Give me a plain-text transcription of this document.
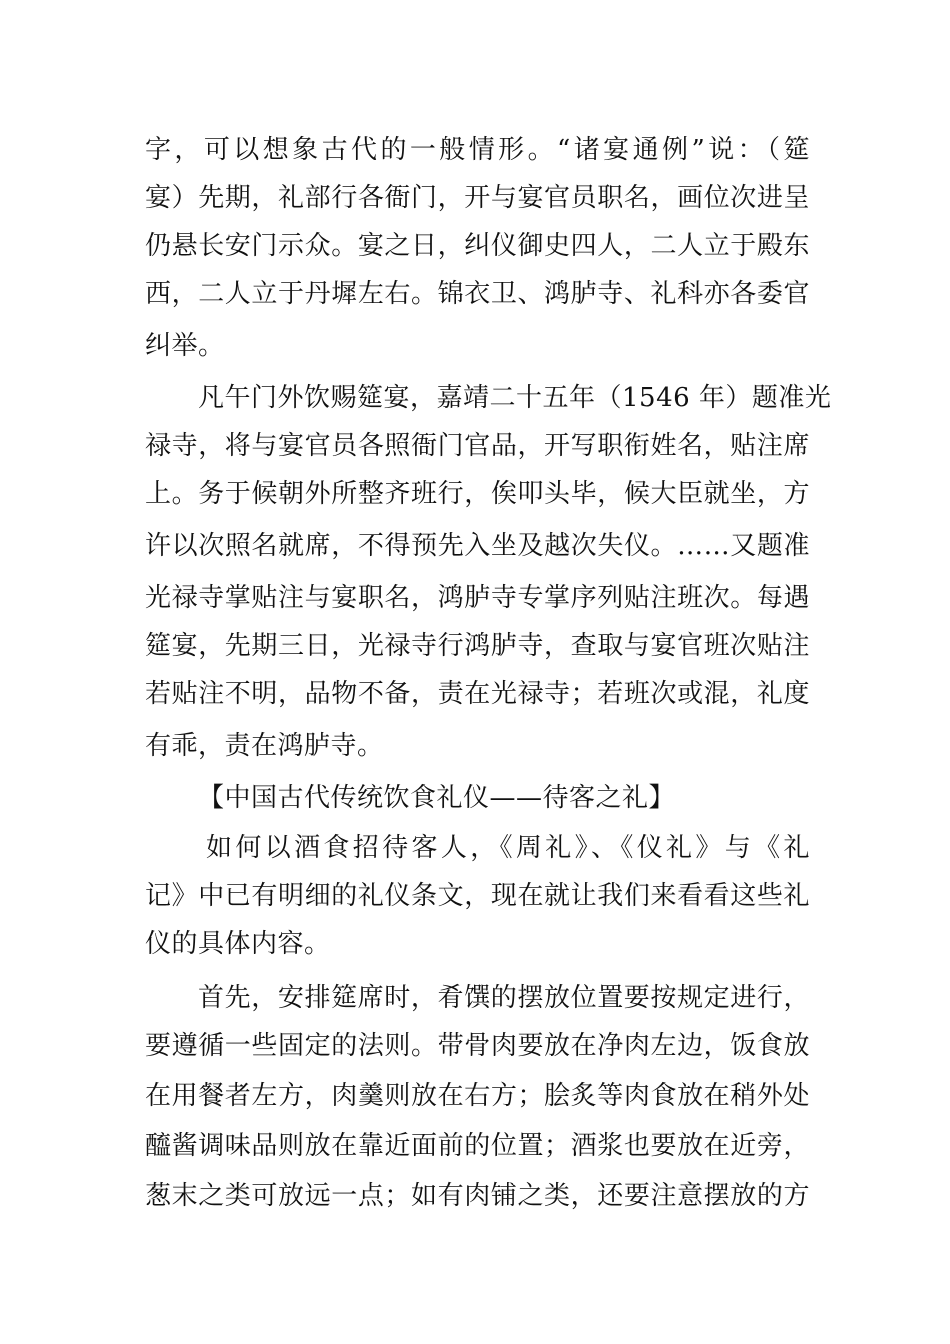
字，可以想象古代的一般情形。“诸宴通例”说：（筵
宴）先期，礼部行各衙门，开与宴官员职名，画位次进呈
仍悬长安门示众。宴之日，纠仪御史四人，二人立于殿东
西，二人立于丹墀左右。锦衣卫、鸿胪寺、礼科亦各委官
纠举。
凡午门外饮赐筵宴，嘉靖二十五年（1546 年）题准光
禄寺，将与宴官员各照衙门官品，开写职衔姓名，贴注席
上。务于候朝外所整齐班行，俟叩头毕，候大臣就坐，方
许以次照名就席，不得预先入坐及越次失仪。……又题准
光禄寺掌贴注与宴职名，鸿胪寺专掌序列贴注班次。每遇
筵宴，先期三日，光禄寺行鸿胪寺，查取与宴官班次贴注
若贴注不明，品物不备，责在光禄寺；若班次或混，礼度
有乖，责在鸿胪寺。
【中国古代传统饮食礼仪——待客之礼】
如何以酒食招待客人，《周礼》、《仪礼》与《礼
记》中已有明细的礼仪条文，现在就让我们来看看这些礼
仪的具体内容。
首先，安排筵席时，肴馔的摆放位置要按规定进行，
要遵循一些固定的法则。带骨肉要放在净肉左边，饭食放
在用餐者左方，肉羹则放在右方；脍炙等肉食放在稍外处
醯酱调味品则放在靠近面前的位置；酒浆也要放在近旁，
葱末之类可放远一点；如有肉铺之类，还要注意摆放的方
